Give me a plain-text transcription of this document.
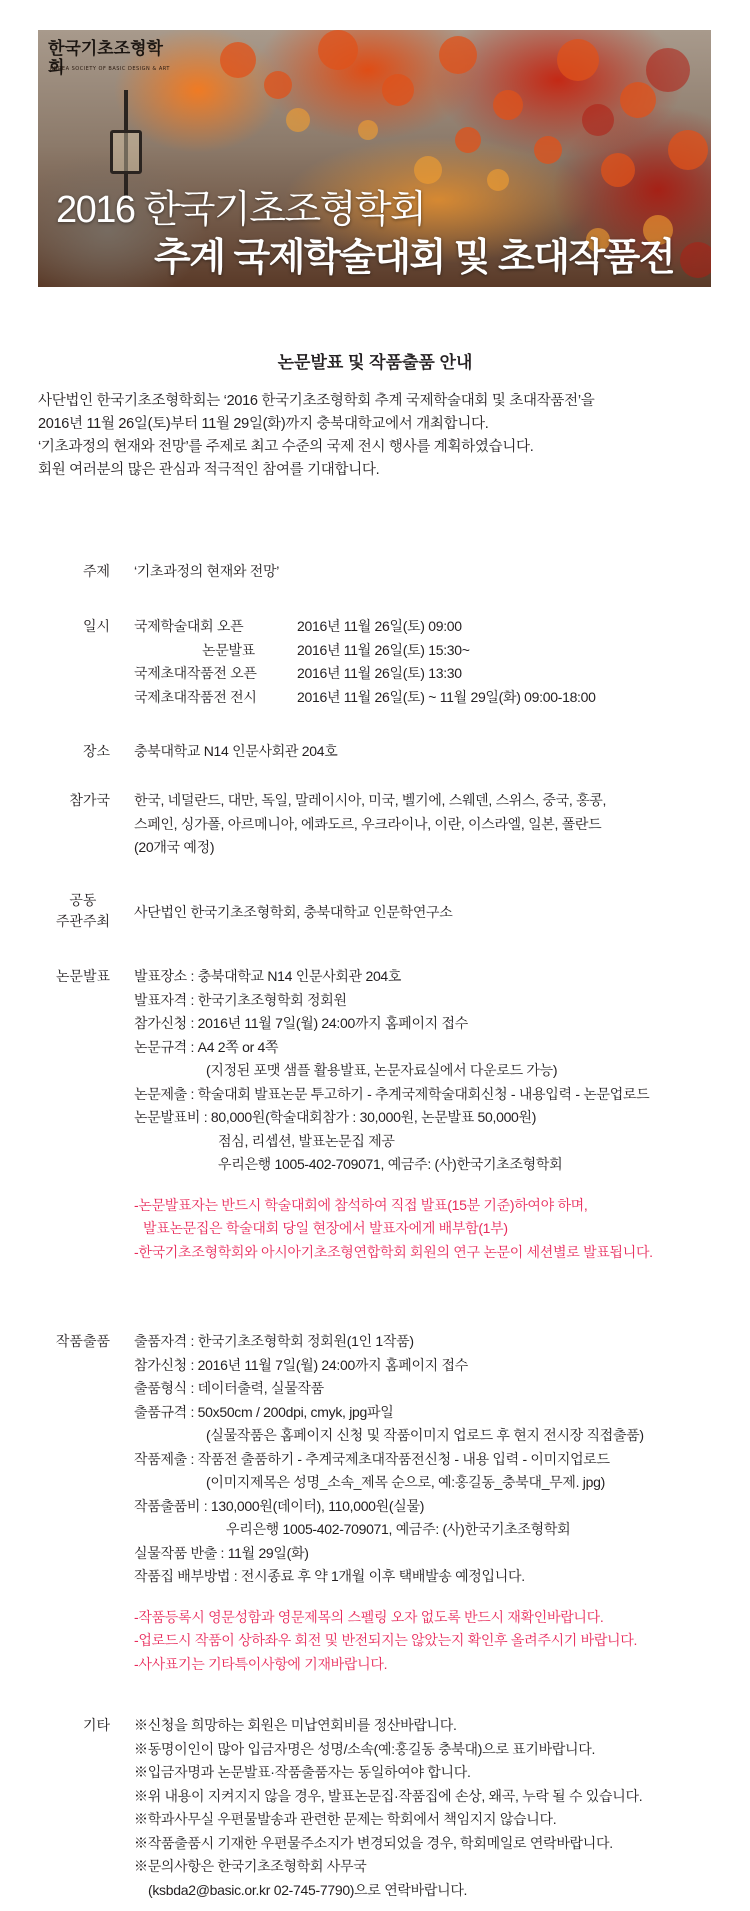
한국기초조형학회
KOREA SOCIETY OF BASIC DESIGN & ART
2016 한국기초조형학회
추계 국제학술대회 및 초대작품전
논문발표 및 작품출품 안내

사단법인 한국기초조형학회는 ‘2016 한국기초조형학회 추계 국제학술대회 및 초대작품전’을

2016년 11월 26일(토)부터 11월 29일(화)까지 충북대학교에서 개최합니다.

‘기초과정의 현재와 전망’를 주제로 최고 수준의 국제 전시 행사를 계획하였습니다.

회원 여러분의 많은 관심과 적극적인 참여를 기대합니다.

주제 ‘기초과정의 현재와 전망’
일시 국제학술대회 오픈	2016년 11월 26일(토) 09:00
논문발표	2016년 11월 26일(토) 15:30~
국제초대작품전 오픈	2016년 11월 26일(토) 13:30
국제초대작품전 전시	2016년 11월 26일(토) ~ 11월 29일(화) 09:00-18:00
장소 충북대학교 N14 인문사회관 204호
참가국 한국, 네덜란드, 대만, 독일, 말레이시아, 미국, 벨기에, 스웨덴, 스위스, 중국, 홍콩,
스페인, 싱가폴, 아르메니아, 에콰도르, 우크라이나, 이란, 이스라엘, 일본, 폴란드
(20개국 예정)
공동
주관주최
사단법인 한국기초조형학회, 충북대학교 인문학연구소
논문발표 발표장소 : 충북대학교 N14 인문사회관 204호
발표자격 : 한국기초조형학회 정회원
참가신청 : 2016년 11월 7일(월) 24:00까지 홈페이지 접수
논문규격 : A4 2쪽 or 4쪽
(지정된 포맷 샘플 활용발표, 논문자료실에서 다운로드 가능)
논문제출 : 학술대회 발표논문 투고하기 - 추계국제학술대회신청 - 내용입력 - 논문업로드
논문발표비 : 80,000원(학술대회참가 : 30,000원, 논문발표 50,000원)
점심, 리셉션, 발표논문집 제공
우리은행 1005-402-709071, 예금주: (사)한국기초조형학회
-논문발표자는 반드시 학술대회에 참석하여 직접 발표(15분 기준)하여야 하며,
발표논문집은 학술대회 당일 현장에서 발표자에게 배부함(1부)
-한국기초조형학회와 아시아기초조형연합학회 회원의 연구 논문이 세션별로 발표됩니다.
작품출품 출품자격 : 한국기초조형학회 정회원(1인 1작품)
참가신청 : 2016년 11월 7일(월) 24:00까지 홈페이지 접수
출품형식 : 데이터출력, 실물작품
출품규격 : 50x50cm / 200dpi, cmyk, jpg파일
(실물작품은 홈페이지 신청 및 작품이미지 업로드 후 현지 전시장 직접출품)
작품제출 : 작품전 출품하기 - 추계국제초대작품전신청 - 내용 입력 - 이미지업로드
(이미지제목은 성명_소속_제목 순으로, 예:홍길동_충북대_무제. jpg)
작품출품비 : 130,000원(데이터), 110,000원(실물)
우리은행 1005-402-709071, 예금주: (사)한국기초조형학회
실물작품 반출 : 11월 29일(화)
작품집 배부방법 : 전시종료 후 약 1개월 이후 택배발송 예정입니다.
-작품등록시 영문성함과 영문제목의 스펠링 오자 없도록 반드시 재확인바랍니다.
-업로드시 작품이 상하좌우 회전 및 반전되지는 않았는지 확인후 올려주시기 바랍니다.
-사사표기는 기타특이사항에 기재바랍니다.
기타 ※신청을 희망하는 회원은 미납연회비를 정산바랍니다.
※동명이인이 많아 입금자명은 성명/소속(예:홍길동 충북대)으로 표기바랍니다.
※입금자명과 논문발표·작품출품자는 동일하여야 합니다.
※위 내용이 지켜지지 않을 경우, 발표논문집·작품집에 손상, 왜곡, 누락 될 수 있습니다.
※학과사무실 우편물발송과 관련한 문제는 학회에서 책임지지 않습니다.
※작품출품시 기재한 우편물주소지가 변경되었을 경우, 학회메일로 연락바랍니다.
※문의사항은 한국기초조형학회 사무국
(ksbda2@basic.or.kr 02-745-7790)으로 연락바랍니다.
